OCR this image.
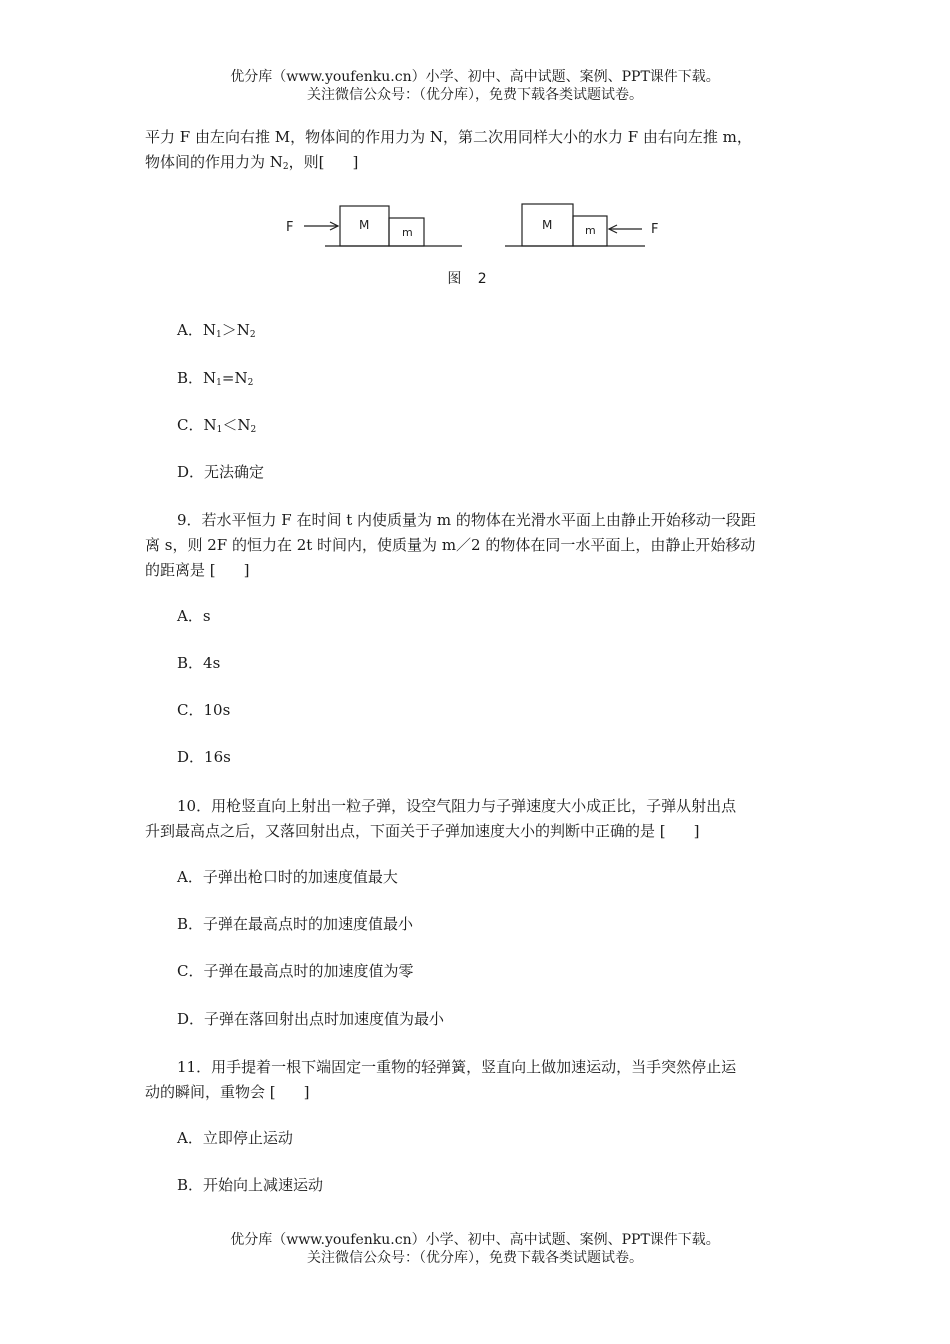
优分库（www.youfenku.cn）小学、初中、高中试题、案例、PPT课件下载。
关注微信公众号：（优分库），免费下载各类试题试卷。
平力 F 由左向右推 M，物体间的作用力为 N，第二次用同样大小的水力 F 由右向左推 m，
物体间的作用力为 $N_2$，则[ ]
F	M
m
M	m	F
图 2
A．$N_1>N_2$
B．$N_1=N_2$
C．$N_1<N_2$
D．无法确定
9．若水平恒力 F 在时间 t 内使质量为 m 的物体在光滑水平面上由静止开始移动一段距
离 s，则 2F 的恒力在 2t 时间内，使质量为 m／2 的物体在同一水平面上，由静止开始移动
的距离是 [ ]
A．s
B．4s
C．10s
D．16s
10．用枪竖直向上射出一粒子弹，设空气阻力与子弹速度大小成正比，子弹从射出点
升到最高点之后，又落回射出点，下面关于子弹加速度大小的判断中正确的是 [ ]
A．子弹出枪口时的加速度值最大
B．子弹在最高点时的加速度值最小
C．子弹在最高点时的加速度值为零
D．子弹在落回射出点时加速度值为最小
11．用手提着一根下端固定一重物的轻弹簧，竖直向上做加速运动，当手突然停止运
动的瞬间，重物会 [ ]
A．立即停止运动
B．开始向上减速运动
优分库（www.youfenku.cn）小学、初中、高中试题、案例、PPT课件下载。
关注微信公众号：（优分库），免费下载各类试题试卷。
